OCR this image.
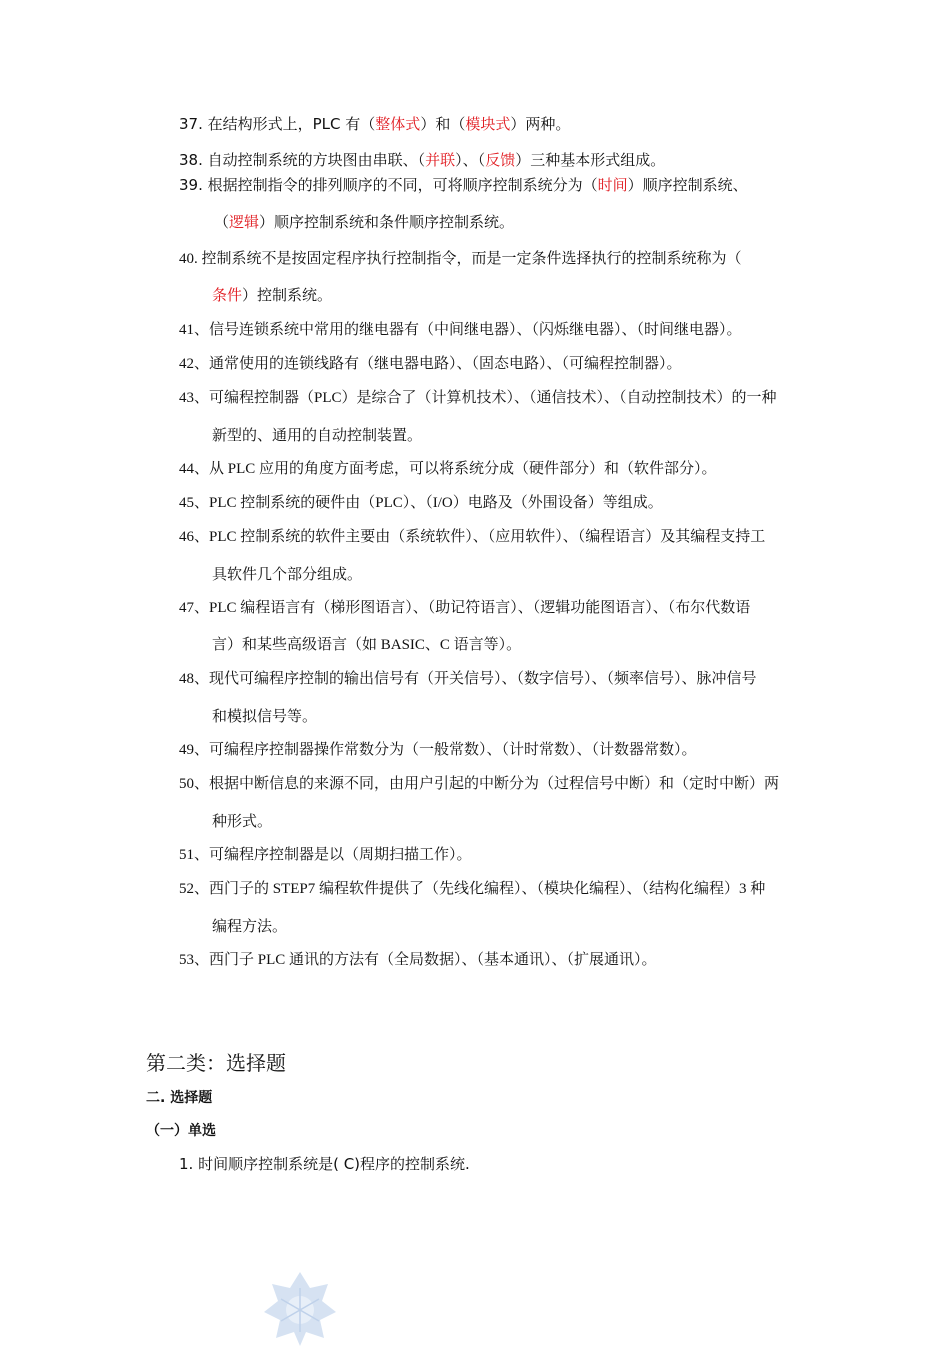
37. 在结构形式上，PLC 有（整体式）和（模块式）两种。
38. 自动控制系统的方块图由串联、（并联）、（反馈）三种基本形式组成。
39. 根据控制指令的排列顺序的不同，可将顺序控制系统分为（时间）顺序控制系统、
（逻辑）顺序控制系统和条件顺序控制系统。
40. 控制系统不是按固定程序执行控制指令，而是一定条件选择执行的控制系统称为（
条件）控制系统。
41、信号连锁系统中常用的继电器有（中间继电器）、（闪烁继电器）、（时间继电器）。
42、通常使用的连锁线路有（继电器电路）、（固态电路）、（可编程控制器）。
43、可编程控制器（PLC）是综合了（计算机技术）、（通信技术）、（自动控制技术）的一种
新型的、通用的自动控制装置。
44、从 PLC 应用的角度方面考虑，可以将系统分成（硬件部分）和（软件部分）。
45、PLC 控制系统的硬件由（PLC）、（I/O）电路及（外围设备）等组成。
46、PLC 控制系统的软件主要由（系统软件）、（应用软件）、（编程语言）及其编程支持工
具软件几个部分组成。
47、PLC 编程语言有（梯形图语言）、（助记符语言）、（逻辑功能图语言）、（布尔代数语
言）和某些高级语言（如 BASIC、C 语言等）。
48、现代可编程序控制的输出信号有（开关信号）、（数字信号）、（频率信号）、脉冲信号
和模拟信号等。
49、可编程序控制器操作常数分为（一般常数）、（计时常数）、（计数器常数）。
50、根据中断信息的来源不同，由用户引起的中断分为（过程信号中断）和（定时中断）两
种形式。
51、可编程序控制器是以（周期扫描工作）。
52、西门子的 STEP7 编程软件提供了（先线化编程）、（模块化编程）、（结构化编程）3 种
编程方法。
53、西门子 PLC 通讯的方法有（全局数据）、（基本通讯）、（扩展通讯）。
第二类：选择题
二. 选择题
（一）单选
1. 时间顺序控制系统是( C)程序的控制系统.
